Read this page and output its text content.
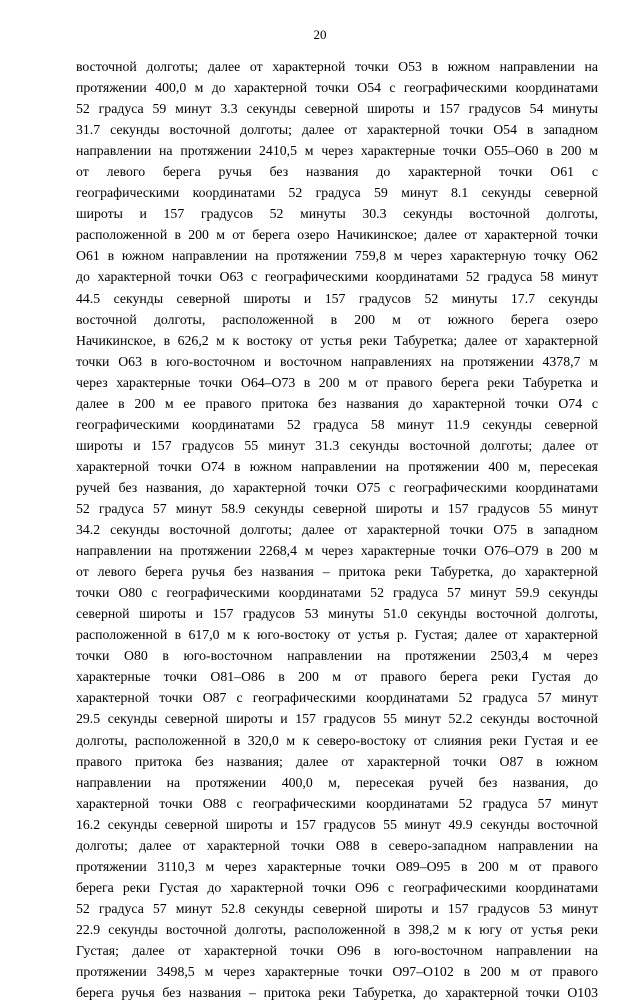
20
восточной долготы; далее от характерной точки О53 в южном направлении на
протяжении 400,0 м до характерной точки О54 с географическими координатами
52 градуса 59 минут 3.3 секунды северной широты и 157 градусов 54 минуты
31.7 секунды восточной долготы; далее от характерной точки О54 в западном
направлении на протяжении 2410,5 м через характерные точки О55–О60 в 200 м
от левого берега ручья без названия до характерной точки О61 с
географическими координатами 52 градуса 59 минут 8.1 секунды северной
широты и 157 градусов 52 минуты 30.3 секунды восточной долготы,
расположенной в 200 м от берега озеро Начикинское; далее от характерной точки
О61 в южном направлении на протяжении 759,8 м через характерную точку О62
до характерной точки О63 с географическими координатами 52 градуса 58 минут
44.5 секунды северной широты и 157 градусов 52 минуты 17.7 секунды
восточной долготы, расположенной в 200 м от южного берега озеро
Начикинское, в 626,2 м к востоку от устья реки Табуретка; далее от характерной
точки О63 в юго-восточном и восточном направлениях на протяжении 4378,7 м
через характерные точки О64–О73 в 200 м от правого берега реки Табуретка и
далее в 200 м ее правого притока без названия до характерной точки О74 с
географическими координатами 52 градуса 58 минут 11.9 секунды северной
широты и 157 градусов 55 минут 31.3 секунды восточной долготы; далее от
характерной точки О74 в южном направлении на протяжении 400 м, пересекая
ручей без названия, до характерной точки О75 с географическими координатами
52 градуса 57 минут 58.9 секунды северной широты и 157 градусов 55 минут
34.2 секунды восточной долготы; далее от характерной точки О75 в западном
направлении на протяжении 2268,4 м через характерные точки О76–О79 в 200 м
от левого берега ручья без названия – притока реки Табуретка, до характерной
точки О80 с географическими координатами 52 градуса 57 минут 59.9 секунды
северной широты и 157 градусов 53 минуты 51.0 секунды восточной долготы,
расположенной в 617,0 м к юго-востоку от устья р. Густая; далее от характерной
точки О80 в юго-восточном направлении на протяжении 2503,4 м через
характерные точки О81–О86 в 200 м от правого берега реки Густая до
характерной точки О87 с географическими координатами 52 градуса 57 минут
29.5 секунды северной широты и 157 градусов 55 минут 52.2 секунды восточной
долготы, расположенной в 320,0 м к северо-востоку от слияния реки Густая и ее
правого притока без названия; далее от характерной точки О87 в южном
направлении на протяжении 400,0 м, пересекая ручей без названия, до
характерной точки О88 с географическими координатами 52 градуса 57 минут
16.2 секунды северной широты и 157 градусов 55 минут 49.9 секунды восточной
долготы; далее от характерной точки О88 в северо-западном направлении на
протяжении 3110,3 м через характерные точки О89–О95 в 200 м от правого
берега реки Густая до характерной точки О96 с географическими координатами
52 градуса 57 минут 52.8 секунды северной широты и 157 градусов 53 минут
22.9 секунды восточной долготы, расположенной в 398,2 м к югу от устья реки
Густая; далее от характерной точки О96 в юго-восточном направлении на
протяжении 3498,5 м через характерные точки О97–О102 в 200 м от правого
берега ручья без названия – притока реки Табуретка, до характерной точки О103
